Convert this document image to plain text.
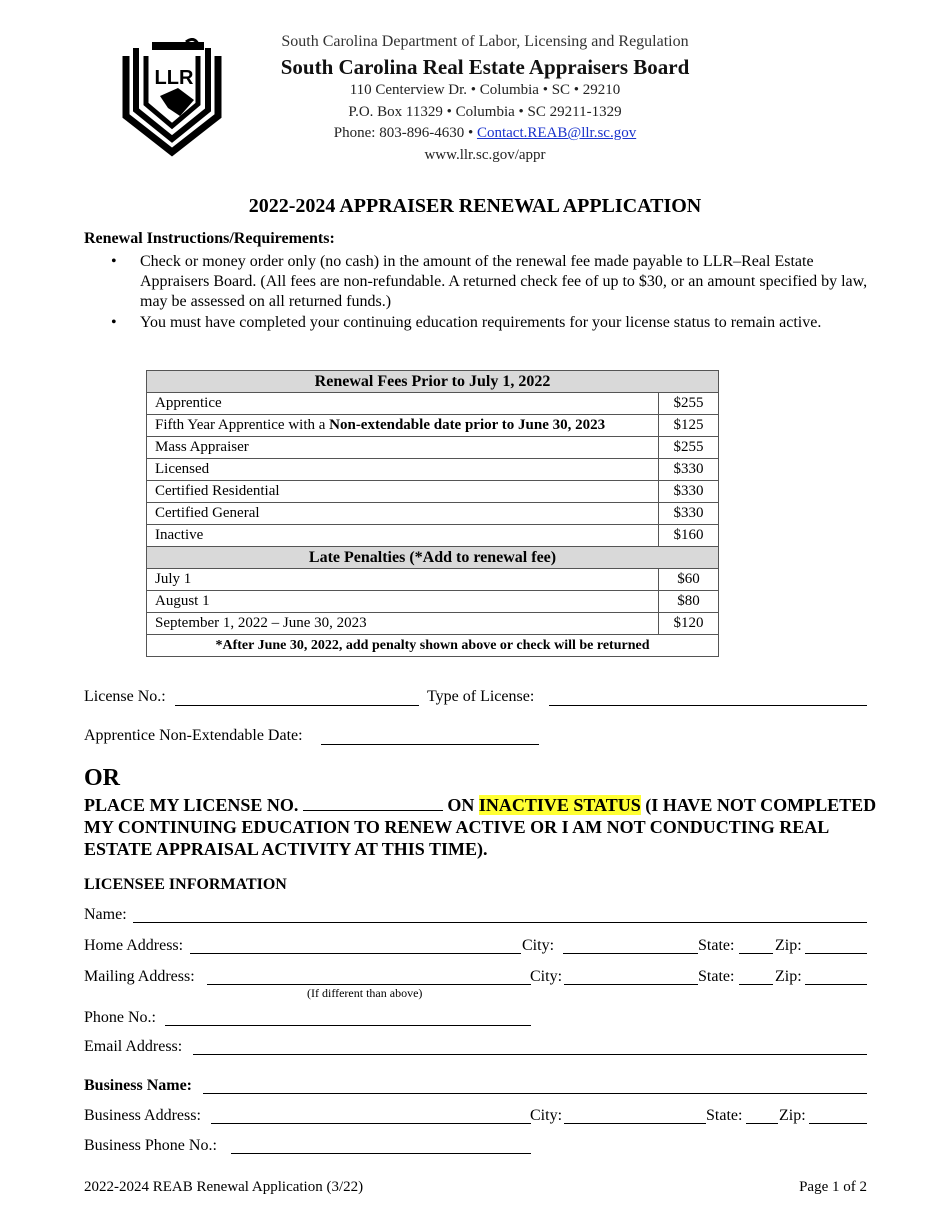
LLR
South Carolina Department of Labor, Licensing and Regulation
South Carolina Real Estate Appraisers Board
110 Centerview Dr. • Columbia • SC • 29210
P.O. Box 11329 • Columbia • SC 29211-1329
Phone: 803-896-4630 • Contact.REAB@llr.sc.gov
www.llr.sc.gov/appr
2022-2024 APPRAISER RENEWAL APPLICATION
Renewal Instructions/Requirements:
• Check or money order only (no cash) in the amount of the renewal fee made payable to LLR–Real Estate Appraisers Board. (All fees are non-refundable. A returned check fee of up to $30, or an amount specified by law, may be assessed on all returned funds.)
• You must have completed your continuing education requirements for your license status to remain active.
Renewal Fees Prior to July 1, 2022	
Apprentice	$255
Fifth Year Apprentice with a Non-extendable date prior to June 30, 2023	$125
Mass Appraiser	$255
Licensed	$330
Certified Residential	$330
Certified General	$330
Inactive	$160
Late Penalties (*Add to renewal fee)	
July 1	$60
August 1	$80
September 1, 2022 – June 30, 2023	$120
*After June 30, 2022, add penalty shown above or check will be returned	
License No.:	Type of License:
Apprentice Non-Extendable Date:
OR
PLACE MY LICENSE NO.	ON INACTIVE STATUS (I HAVE NOT COMPLETED MY CONTINUING EDUCATION TO RENEW ACTIVE OR I AM NOT CONDUCTING REAL ESTATE APPRAISAL ACTIVITY AT THIS TIME).
LICENSEE INFORMATION
Name:
Home Address:	City:	State:	Zip:
Mailing Address:
(If different than above)
City:	State:	Zip:
Phone No.:
Email Address:
Business Name:
Business Address:	City:	State: Zip:
Business Phone No.:
2022-2024 REAB Renewal Application (3/22)	Page 1 of 2
